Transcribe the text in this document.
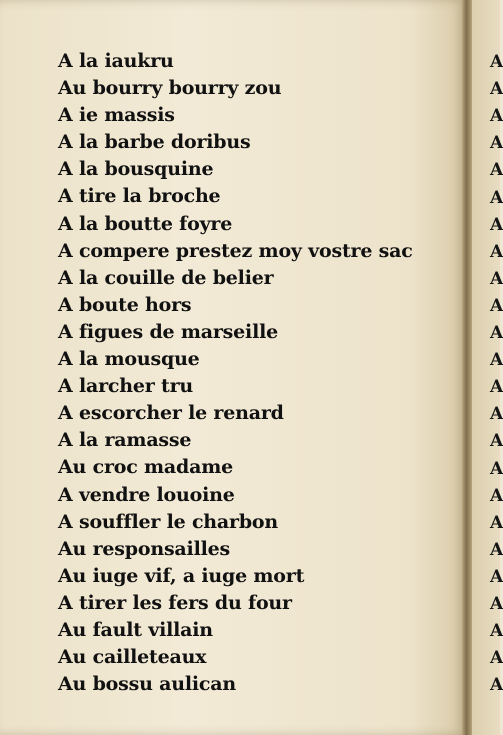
A la iaukru
Au bourry bourry zou
A ie massis
A la barbe doribus
A la bousquine
A tire la broche
A la boutte foyre
A compere prestez moy vostre sac
A la couille de belier
A boute hors
A figues de marseille
A la mousque
A larcher tru
A escorcher le renard
A la ramasse
Au croc madame
A vendre louoine
A souffler le charbon
Au responsailles
Au iuge vif, a iuge mort
A tirer les fers du four
Au fault villain
Au cailleteaux
Au bossu aulican
A
A
A
A
A
A
A
A
A
A
A
A
A
A
A
A
A
A
A
A
A
A
A
A
